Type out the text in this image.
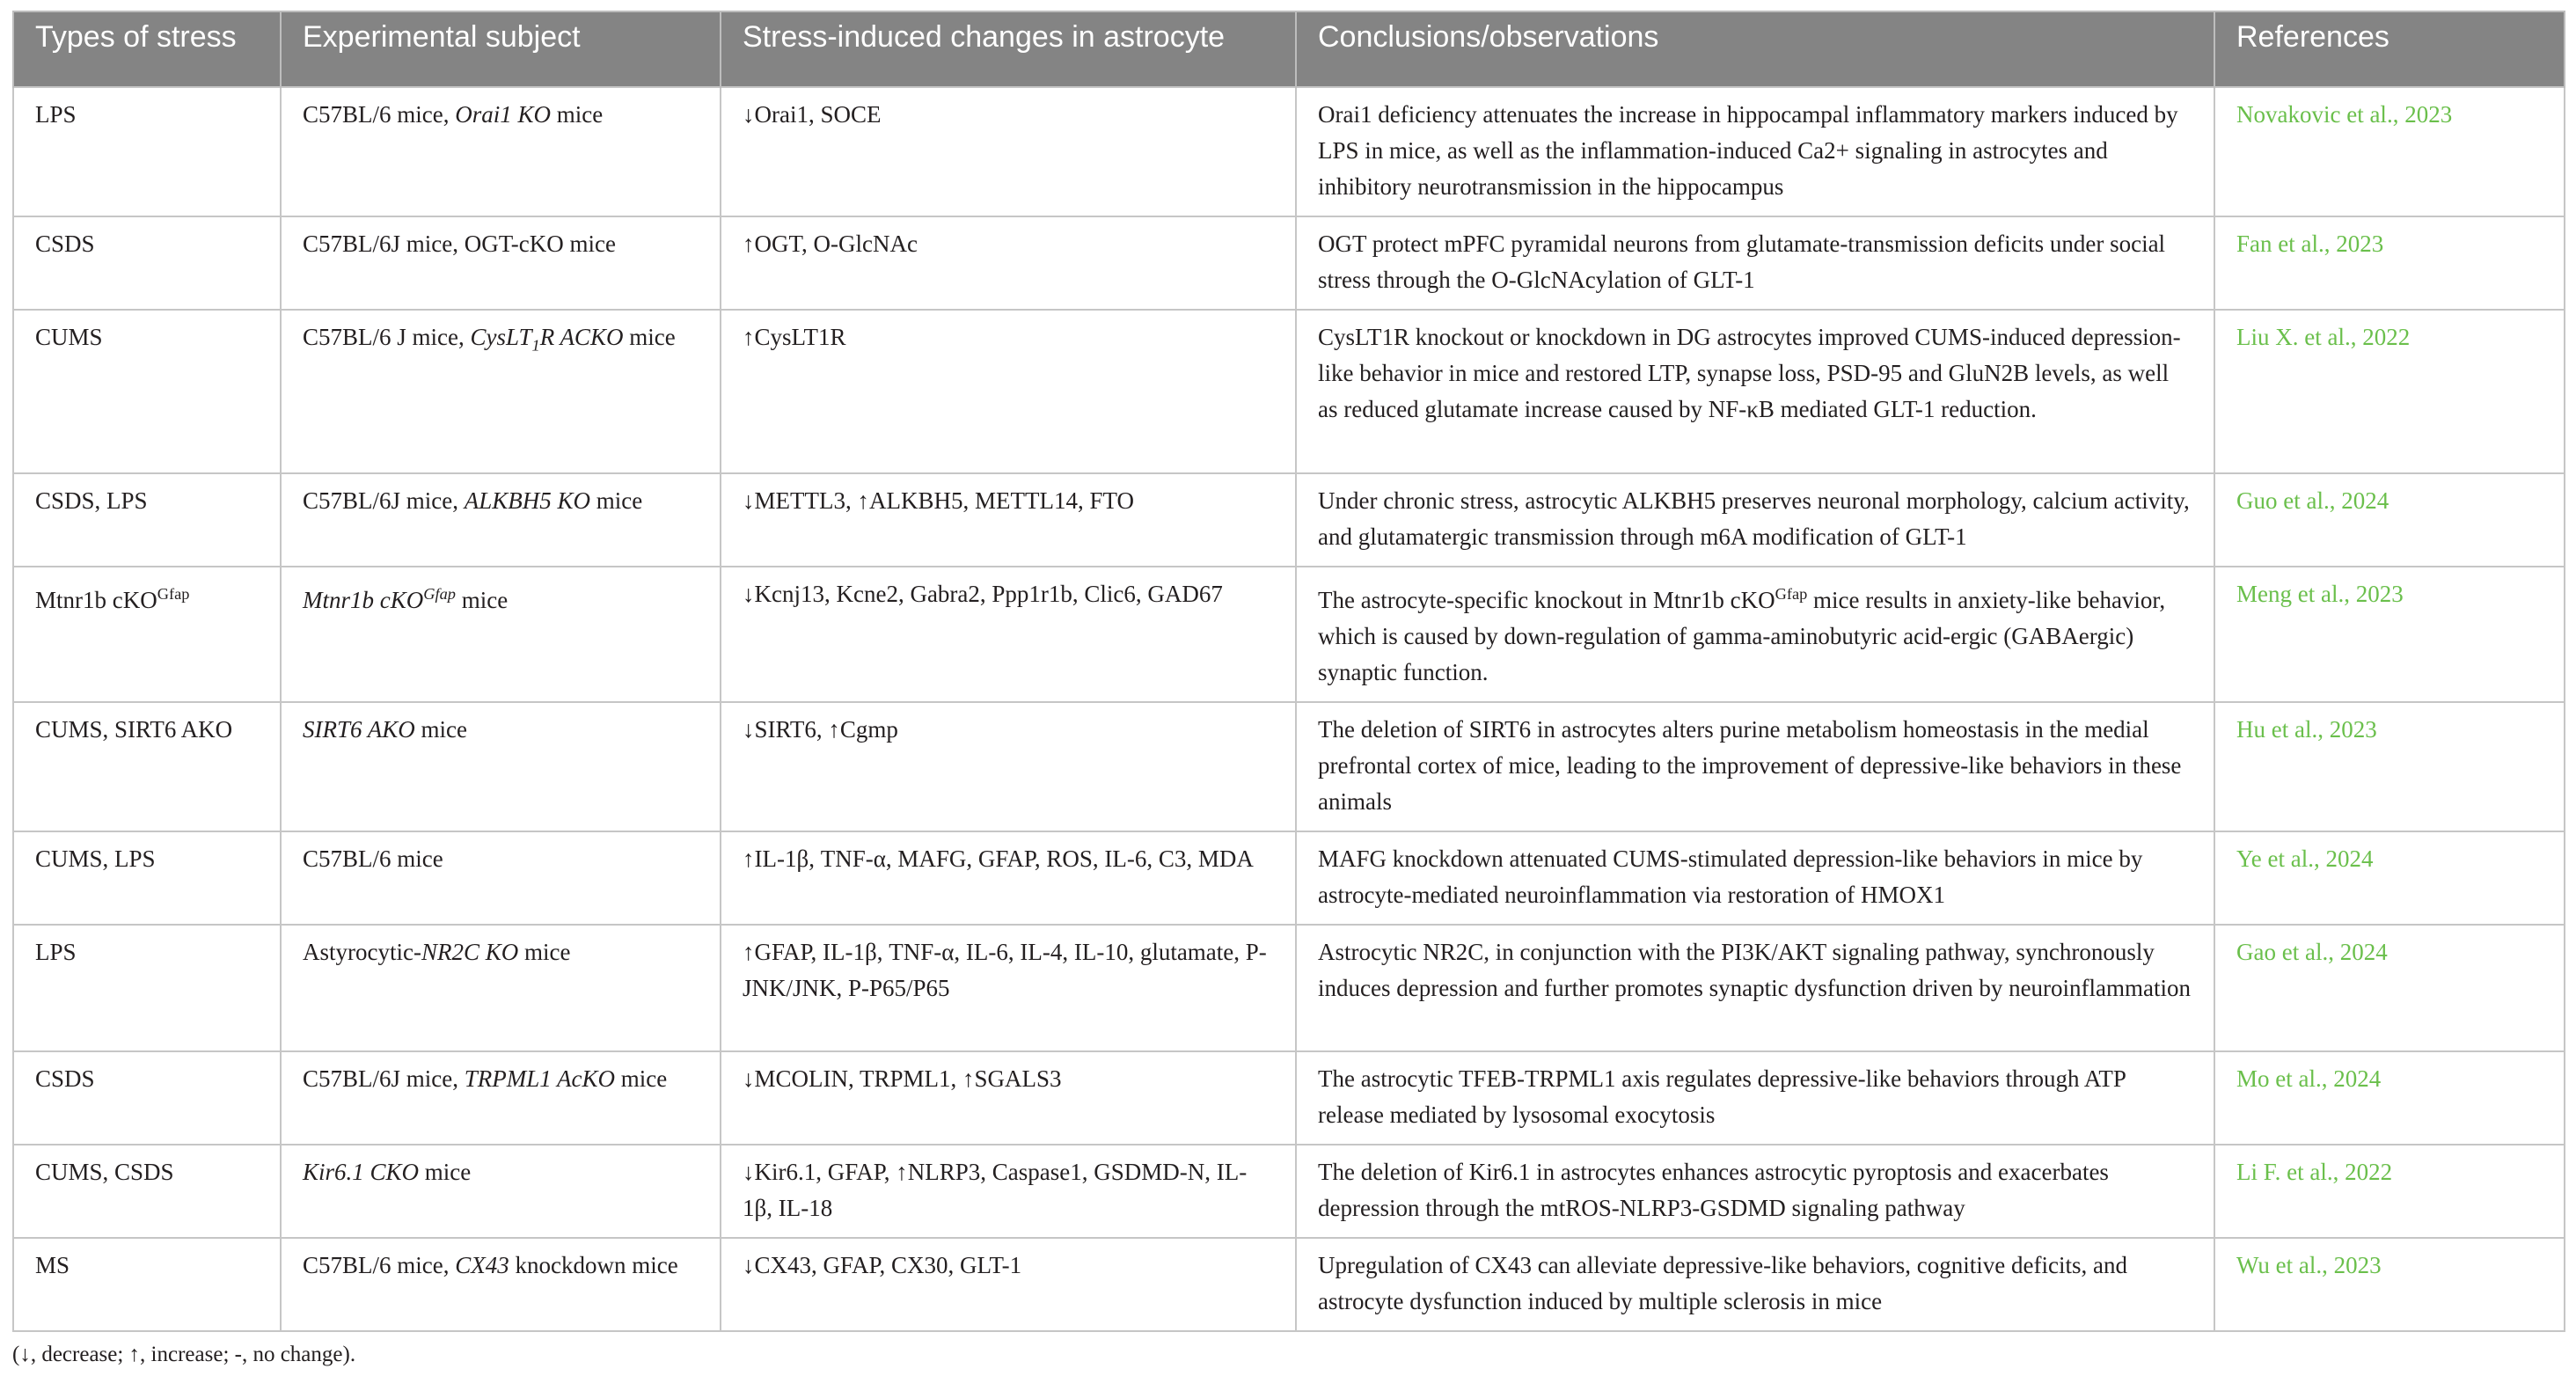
Types of stress	Experimental subject	Stress-induced changes in astrocyte	Conclusions/observations	References
LPS	C57BL/6 mice, Orai1 KO mice	↓Orai1, SOCE	Orai1 deficiency attenuates the increase in hippocampal inflammatory markers induced by LPS in mice, as well as the inflammation-induced Ca2+ signaling in astrocytes and inhibitory neurotransmission in the hippocampus	Novakovic et al., 2023
CSDS	C57BL/6J mice, OGT-cKO mice	↑OGT, O-GlcNAc	OGT protect mPFC pyramidal neurons from glutamate-transmission deficits under social stress through the O-GlcNAcylation of GLT-1	Fan et al., 2023
CUMS	C57BL/6 J mice, CysLT$_1$R ACKO mice	↑CysLT1R	CysLT1R knockout or knockdown in DG astrocytes improved CUMS-induced depression-like behavior in mice and restored LTP, synapse loss, PSD-95 and GluN2B levels, as well as reduced glutamate increase caused by NF-κB mediated GLT-1 reduction.	Liu X. et al., 2022
CSDS, LPS	C57BL/6J mice, ALKBH5 KO mice	↓METTL3, ↑ALKBH5, METTL14, FTO	Under chronic stress, astrocytic ALKBH5 preserves neuronal morphology, calcium activity, and glutamatergic transmission through m6A modification of GLT-1	Guo et al., 2024
Mtnr1b cKO$^{Gfap}$	Mtnr1b cKO$^{Gfap}$ mice	↓Kcnj13, Kcne2, Gabra2, Ppp1r1b, Clic6, GAD67	The astrocyte-specific knockout in Mtnr1b cKO$^{Gfap}$ mice results in anxiety-like behavior, which is caused by down-regulation of gamma-aminobutyric acid-ergic (GABAergic) synaptic function.	Meng et al., 2023
CUMS, SIRT6 AKO	SIRT6 AKO mice	↓SIRT6, ↑Cgmp	The deletion of SIRT6 in astrocytes alters purine metabolism homeostasis in the medial prefrontal cortex of mice, leading to the improvement of depressive-like behaviors in these animals	Hu et al., 2023
CUMS, LPS	C57BL/6 mice	↑IL-1β, TNF-α, MAFG, GFAP, ROS, IL-6, C3, MDA	MAFG knockdown attenuated CUMS-stimulated depression-like behaviors in mice by astrocyte-mediated neuroinflammation via restoration of HMOX1	Ye et al., 2024
LPS	Astyrocytic-NR2C KO mice	↑GFAP, IL-1β, TNF-α, IL-6, IL-4, IL-10, glutamate, P-JNK/JNK, P-P65/P65	Astrocytic NR2C, in conjunction with the PI3K/AKT signaling pathway, synchronously induces depression and further promotes synaptic dysfunction driven by neuroinflammation	Gao et al., 2024
CSDS	C57BL/6J mice, TRPML1 AcKO mice	↓MCOLIN, TRPML1, ↑SGALS3	The astrocytic TFEB-TRPML1 axis regulates depressive-like behaviors through ATP release mediated by lysosomal exocytosis	Mo et al., 2024
CUMS, CSDS	Kir6.1 CKO mice	↓Kir6.1, GFAP, ↑NLRP3, Caspase1, GSDMD-N, IL-1β, IL-18	The deletion of Kir6.1 in astrocytes enhances astrocytic pyroptosis and exacerbates depression through the mtROS-NLRP3-GSDMD signaling pathway	Li F. et al., 2022
MS	C57BL/6 mice, CX43 knockdown mice	↓CX43, GFAP, CX30, GLT-1	Upregulation of CX43 can alleviate depressive-like behaviors, cognitive deficits, and astrocyte dysfunction induced by multiple sclerosis in mice	Wu et al., 2023
(↓, decrease; ↑, increase; -, no change).
